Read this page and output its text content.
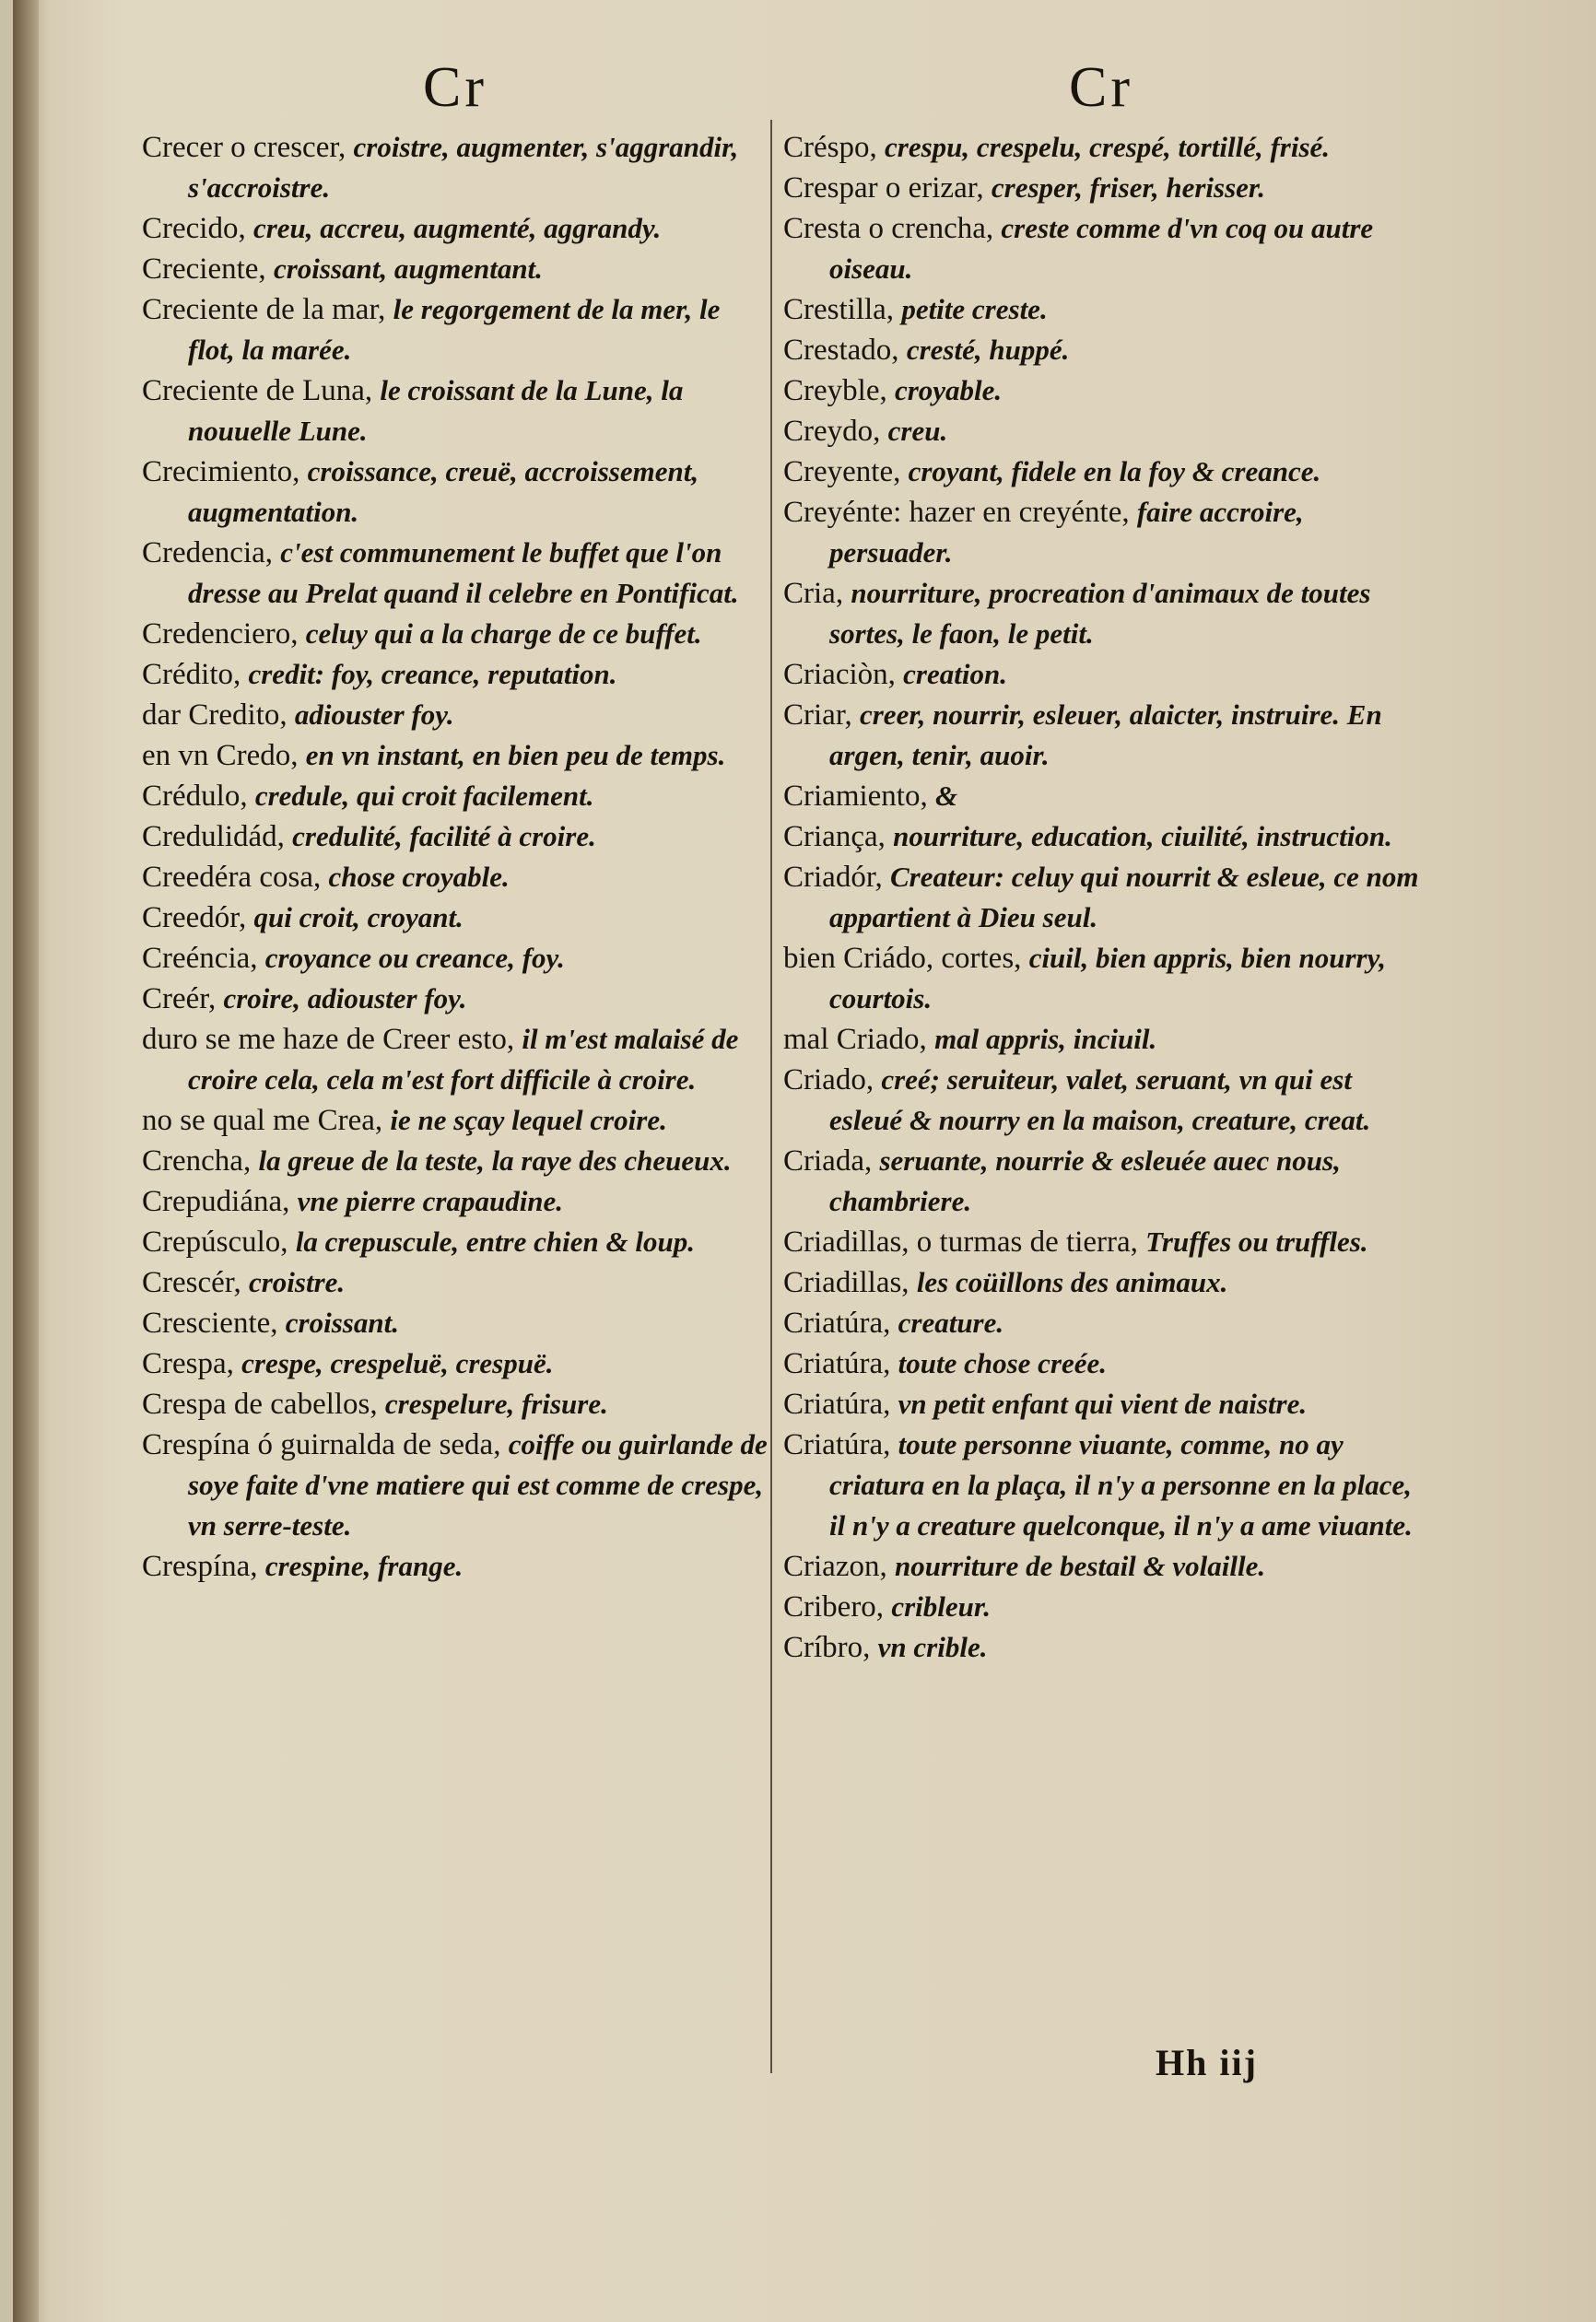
Cr

Crecer o crescer, croistre, augmenter, s'aggrandir, s'accroistre.

Crecido, creu, accreu, augmenté, aggrandy.

Creciente, croissant, augmentant.

Creciente de la mar, le regorgement de la mer, le flot, la marée.

Creciente de Luna, le croissant de la Lune, la nouuelle Lune.

Crecimiento, croissance, creuë, accroissement, augmentation.

Credencia, c'est communement le buffet que l'on dresse au Prelat quand il celebre en Pontificat.

Credenciero, celuy qui a la charge de ce buffet.

Crédito, credit: foy, creance, reputation.

dar Credito, adiouster foy.

en vn Credo, en vn instant, en bien peu de temps.

Crédulo, credule, qui croit facilement.

Credulidád, credulité, facilité à croire.

Creedéra cosa, chose croyable.

Creedór, qui croit, croyant.

Creéncia, croyance ou creance, foy.

Creér, croire, adiouster foy.

duro se me haze de Creer esto, il m'est malaisé de croire cela, cela m'est fort difficile à croire.

no se qual me Crea, ie ne sçay lequel croire.

Crencha, la greue de la teste, la raye des cheueux.

Crepudiána, vne pierre crapaudine.

Crepúsculo, la crepuscule, entre chien & loup.

Crescér, croistre.

Cresciente, croissant.

Crespa, crespe, crespeluë, crespuë.

Crespa de cabellos, crespelure, frisure.

Crespína ó guirnalda de seda, coiffe ou guirlande de soye faite d'vne matiere qui est comme de crespe, vn serre-teste.

Crespína, crespine, frange.

Cr

Créspo, crespu, crespelu, crespé, tortillé, frisé.

Crespar o erizar, cresper, friser, herisser.

Cresta o crencha, creste comme d'vn coq ou autre oiseau.

Crestilla, petite creste.

Crestado, cresté, huppé.

Creyble, croyable.

Creydo, creu.

Creyente, croyant, fidele en la foy & creance.

Creyénte: hazer en creyénte, faire accroire, persuader.

Cria, nourriture, procreation d'animaux de toutes sortes, le faon, le petit.

Criaciòn, creation.

Criar, creer, nourrir, esleuer, alaicter, instruire. En argen, tenir, auoir.

Criamiento, &

Criança, nourriture, education, ciuilité, instruction.

Criadór, Createur: celuy qui nourrit & esleue, ce nom appartient à Dieu seul.

bien Criádo, cortes, ciuil, bien appris, bien nourry, courtois.

mal Criado, mal appris, inciuil.

Criado, creé; seruiteur, valet, seruant, vn qui est esleué & nourry en la maison, creature, creat.

Criada, seruante, nourrie & esleuée auec nous, chambriere.

Criadillas, o turmas de tierra, Truffes ou truffles.

Criadillas, les coüillons des animaux.

Criatúra, creature.

Criatúra, toute chose creée.

Criatúra, vn petit enfant qui vient de naistre.

Criatúra, toute personne viuante, comme, no ay criatura en la plaça, il n'y a personne en la place, il n'y a creature quelconque, il n'y a ame viuante.

Criazon, nourriture de bestail & volaille.

Cribero, cribleur.

Críbro, vn crible.

Hh iij
